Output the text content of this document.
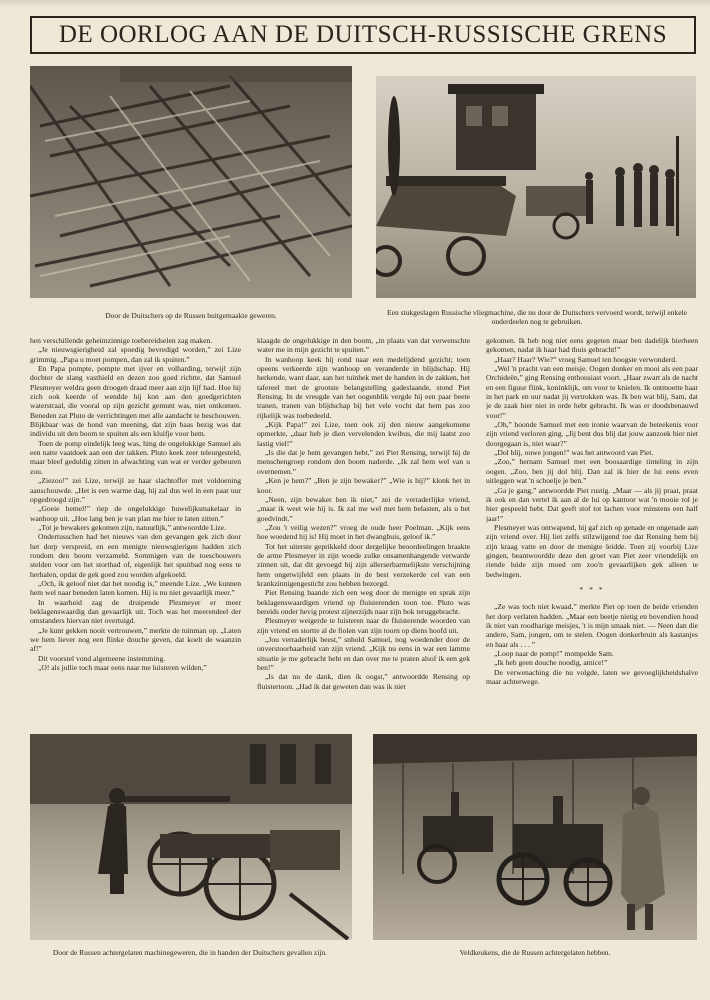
DE OORLOG AAN DE DUITSCH-RUSSISCHE GRENS
Door de Duitschers op de Russen buitgemaakte geweren.	Een stukgeslagen Russische vliegmachine, die nu door de Duitschers vervoerd wordt, terwijl enkele onderdeelen nog te gebruiken.

hen verschillende geheimzinnige toebereidselen zag maken.

„Je nieuwsgierigheid zal spoedig bevredigd worden,” zei Lize grimmig. „Papa u moet pompen, dan zal ik spuiten.”

En Papa pompte, pompte met ijver en volharding, terwijl zijn dochter de slang vasthield en dezen zoo goed richtte, dat Samuel Plesmeyer weldra geen droogen draad meer aan zijn lijf had. Hoe hij zich ook keerde of wendde hij kon aan den goedgerichten waterstraal, die vooral op zijn gezicht gemunt was, niet ontkomen. Beneden zat Pluto de verrichtingen met alle aandacht te beschouwen. Blijkbaar was de hond van meening, dat zijn baas bezig was dat individu uit den boom te spuiten als een kluifje voor hem.

Toen de pomp eindelijk leeg was, hing de ongelukkige Samuel als een natte vaatdoek aan een der takken. Pluto keek zeer teleurgesteld, maar bleef geduldig zitten in afwachting van wat er verder gebeuren zou.

„Ziezoo!” zei Lize, terwijl ze haar slachtoffer met voldoening aanschouwde. „Het is een warme dag, hij zal dus wel in een paar uur opgedroogd zijn.”

„Goeie hemel!” riep de ongelukkige huwelijksmakelaar in wanhoop uit. „Hoe lang ben je van plan me hier te laten zitten.”

„Tot je bewakers gekomen zijn, natuurlijk,” antwoordde Lize.

Ondertusschen had het nieuws van den gevangen gek zich door het dorp verspreid, en een menigte nieuwsgierigen hadden zich rondom den boom verzameld. Sommigen van de toeschouwers stelden voor om het storthad of, eigenlijk het spuitbad nog eens te herhalen, opdat de gek goed zou worden afgekoeld.

„Och, ik geloof niet dat het noodig is,” meende Lize. „We kunnen hem wel naar beneden laten komen. Hij is nu niet gevaarlijk meer.”

In waarheid zag de druipende Plesmeyer er meer beklagenswaardig dan gevaarlijk uit. Toch was het meerendeel der omstanders hiervan niet overtuigd.

„Je kunt gekken nooit vertrouwen,” merkte de tuinman op. „Laten we hem liever nog een flinke douche geven, dat koelt de waanzin af!”

Dit voorstel vond algemeene instemming.

„O! als jullie toch maar eens naar me luisteren wilden,”

klaagde de ongelukkige in den boom, „in plaats van dat verwenschte water me in mijn gezicht te spuiten.”

In wanhoop keek hij rond naar een medelijdend gezicht; toen opeens verkeerde zijn wanhoop en veranderde in blijdschap. Hij herkende, want daar, aan het tuinhek met de handen in de zakken, het tafereel met de grootste belangstelling gadeslaande, stond Piet Rensing. In de vreugde van het oogenblik vergde hij een paar beete tranen, tranen van blijdschap bij het vele vocht dat hem pas zoo rijkelijk was toebedeeld.

„Kijk Papa!” zei Lize, toen ook zij den nieuw aangekomene opmerkte, „daar heb je dien vervelenden kwibus, die mij laatst zoo lastig viel!”

„Is die dat je hem gevangen hebt,” zei Piet Rensing, terwijl hij de menschengroep rondom den boom naderde. „Ik zal hem wel van u overnemen.”

„Ken je hem?” „Ben je zijn bewaker?” „Wie is hij?” klonk het in koor.

„Neen, zijn bewaker ben ik niet,” zei de verraderlijke vriend, „maar ik weet wie hij is. Ik zal me wel met hem belasten, als u het goedvindt.”

„Zou 't veilig wezen?” vroeg de oude heer Poelman. „Kijk eens hoe woedend hij is! Hij moet in het dwangbuis, geloof ik.”

Tot het uiterste geprikkeld door dergelijke beoordeelingen braakte de arme Plesmeyer in zijn woede zulke onsamenhangende verwarde zinnen uit, dat dit gevoegd bij zijn allerserbarmelijkste verschijning hem ongetwijfeld een plaats in de best verzekerde cel van een krankzinnigengesticht zou hebben bezorgd.

Piet Rensing baande zich een weg door de menigte en sprak zijn beklagenswaardigen vriend op fluisterenden toon toe. Pluto was bereids onder hevig protest zijnerzijds naar zijn hok teruggebracht.

Plesmeyer weigerde te luisteren naar de fluisterende woorden van zijn vriend en stortte al de fiolen van zijn toorn op diens hoofd uit.

„Jou verraderlijk beest,” snhold Samuel, nog woedender door de onverstoorbaarheid van zijn vriend. „Kijk nu eens in wat een lamme situatie je me gebracht hebt en dan over me te praten alsof ik een gek ben!”

„Is dat nu de dank, dien ik oogst,” antwoordde Rensing op fluistertoon. „Had ik dat geweten dan was ik niet

gekomen. Ik heb nog niet eens gegeten maar ben dadelijk hierheen gekomen, nadat ik haar had thuis gebracht!”

„Haar? Haar? Wie?” vroeg Samuel ten hoogste verwonderd.

„Wel 'n pracht van een meisje. Oogen donker en mooi als een paar Orchideën,” ging Rensing enthousiast voort. „Haar zwart als de nacht en een figuur flink, koninklijk, om voor te knielen. Ik ontmoette haar in het park en uur nadat jij vertrokken was. Ik ben wat blij, Sam, dat je de zaak hier niet in orde hebt gebracht. Ik was er doodsbenauwd voor!”

„Oh,” hoonde Samuel met een ironie waarvan de beteekenis voor zijn vriend verloren ging. „Jij bent dus blij dat jouw aanzoek hier niet doorgegaan is, niet waar?”

„Dol blij, ouwe jongen!” was het antwoord van Piet.

„Zoo,” hernam Samuel met een boosaardige tinteling in zijn oogen. „Zoo, ben jij dol blij. Dan zal ik hier de lui eens even uitleggen wat 'n schoelje je ben.”

„Ga je gang,” antwoordde Piet rustig. „Maar — als jij praat, praat ik ook en dan vertel ik aan al de lui op kantoor wat 'n mooie rol je hier gespeeld hebt. Dat geeft stof tot lachen voor minstens een half jaar!”

Plesmeyer was ontwapend, hij gaf zich op genade en ongenade aan zijn vriend over. Hij liet zelfs stilzwijgend toe dat Rensing hem bij zijn kraag vatte en door de menigte leidde. Toen zij voorbij Lize gingen, beantwoordde deze den groet van Piet zeer vriendelijk en riende luide zijn moed om zoo'n gevaarlijken gek alleen te bedwingen.

* * *

„Ze was toch niet kwaad,” merkte Piet op toen de beide vrienden het dorp verlaten hadden. „Maar een beetje nietig en bovendien houd ik niet van roodharige meisjes, 't is mijn smaak niet. — Neen dan die andere, Sam, jongen, om te stelen. Oogen donkerbruin als kastanjes en haar als . . . ”

„Loop naar de pomp!” mompelde Sam.

„Ik heb geen douche noodig, amice!”

De verwenaching die nu volgde, laten we gevoeglijkheidshalve maar achterwege.

Door de Russen achtergelaten machinegeweren, die in handen der Duitschers gevallen zijn.	Veldkeukens, die de Russen achtergelaten hebben.
